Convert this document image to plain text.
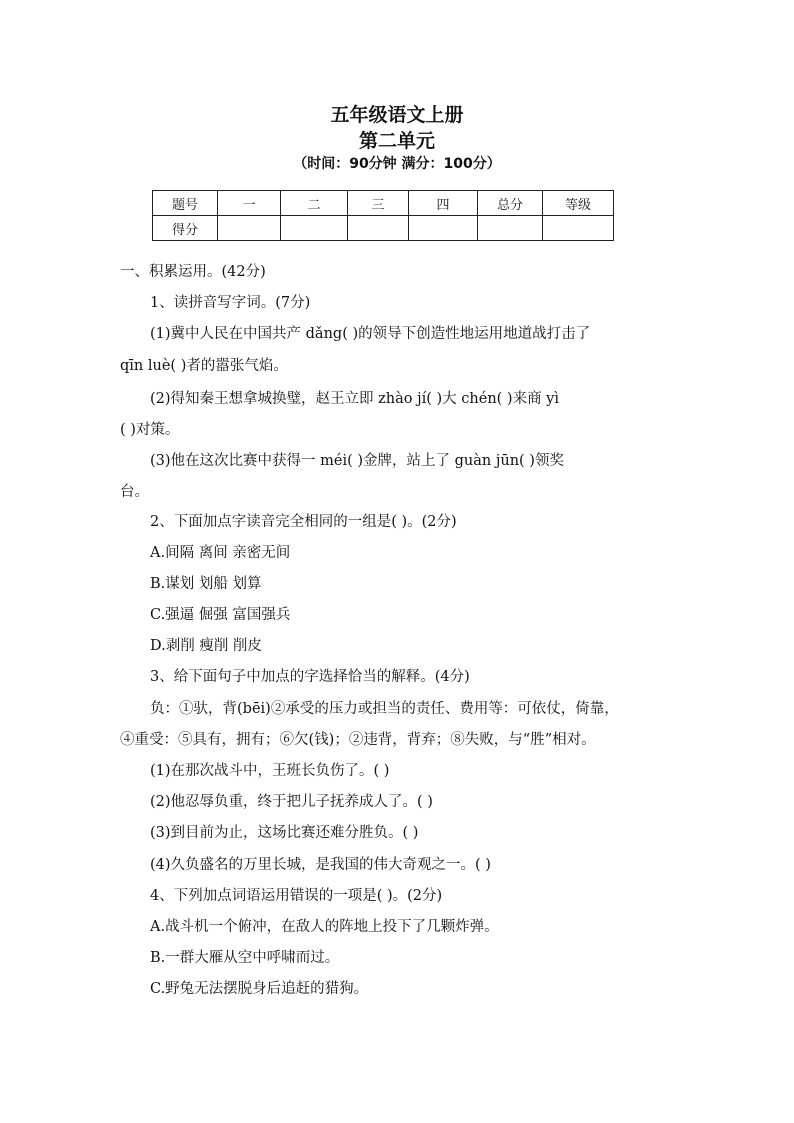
五年级语文上册
第二单元
（时间：90分钟 满分：100分）
题号	一	二	三	四	总分	等级
得分						
一、积累运用。(42分)
1、读拼音写字词。(7分)
(1)冀中人民在中国共产 dǎng( )的领导下创造性地运用地道战打击了
qīn luè( )者的嚣张气焰。
(2)得知秦王想拿城换璧，赵王立即 zhào jí( )大 chén( )来商 yì
( )对策。
(3)他在这次比赛中获得一 méi( )金牌，站上了 guàn jūn( )领奖
台。
2、下面加点字读音完全相同的一组是( )。(2分)
A.间隔 离间 亲密无间
B.谋划 划船 划算
C.强逼 倔强 富国强兵
D.剥削 瘦削 削皮
3、给下面句子中加点的字选择恰当的解释。(4分)
负：①驮，背(bēi)②承受的压力或担当的责任、费用等：可依仗，倚靠，
④重受：⑤具有，拥有；⑥欠(钱)；②违背，背弃；⑧失败，与“胜”相对。
(1)在那次战斗中，王班长负伤了。( )
(2)他忍辱负重，终于把儿子抚养成人了。( )
(3)到目前为止，这场比赛还难分胜负。( )
(4)久负盛名的万里长城，是我国的伟大奇观之一。( )
4、下列加点词语运用错误的一项是( )。(2分)
A.战斗机一个俯冲，在敌人的阵地上投下了几颗炸弹。
B.一群大雁从空中呼啸而过。
C.野兔无法摆脱身后追赶的猎狗。
